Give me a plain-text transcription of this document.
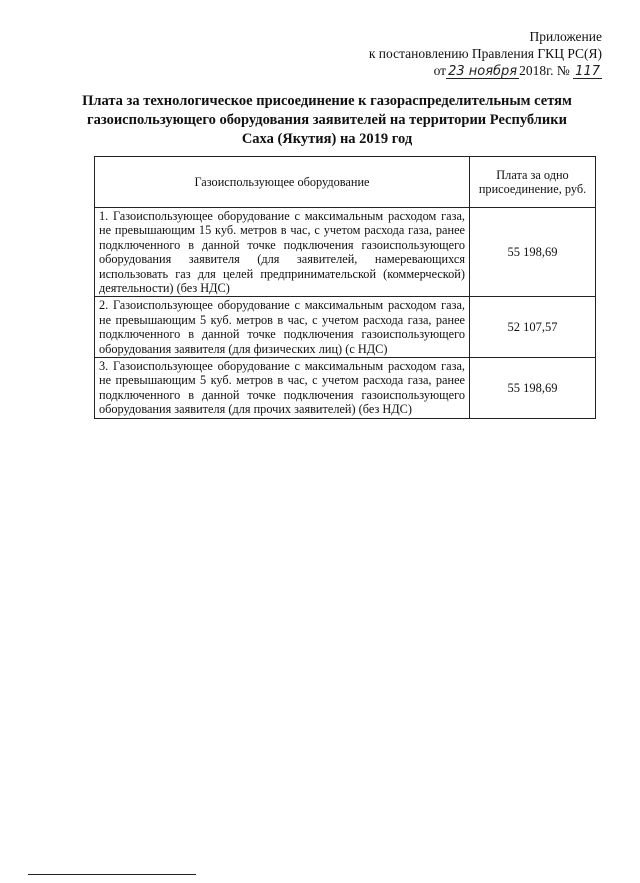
Приложение
к постановлению Правления ГКЦ РС(Я)
от 23 ноября 2018г. № 117
Плата за технологическое присоединение к газораспределительным сетям газоиспользующего оборудования заявителей на территории Республики Саха (Якутия) на 2019 год
Газоиспользующее оборудование	Плата за одно присоединение, руб.
1. Газоиспользующее оборудование с максимальным расходом газа, не превышающим 15 куб. метров в час, с учетом расхода газа, ранее подключенного в данной точке подключения газоиспользующего оборудования заявителя (для заявителей, намеревающихся использовать газ для целей предпринимательской (коммерческой) деятельности) (без НДС)	55 198,69
2. Газоиспользующее оборудование с максимальным расходом газа, не превышающим 5 куб. метров в час, с учетом расхода газа, ранее подключенного в данной точке подключения газоиспользующего оборудования заявителя (для физических лиц) (с НДС)	52 107,57
3. Газоиспользующее оборудование с максимальным расходом газа, не превышающим 5 куб. метров в час, с учетом расхода газа, ранее подключенного в данной точке подключения газоиспользующего оборудования заявителя (для прочих заявителей) (без НДС)	55 198,69
